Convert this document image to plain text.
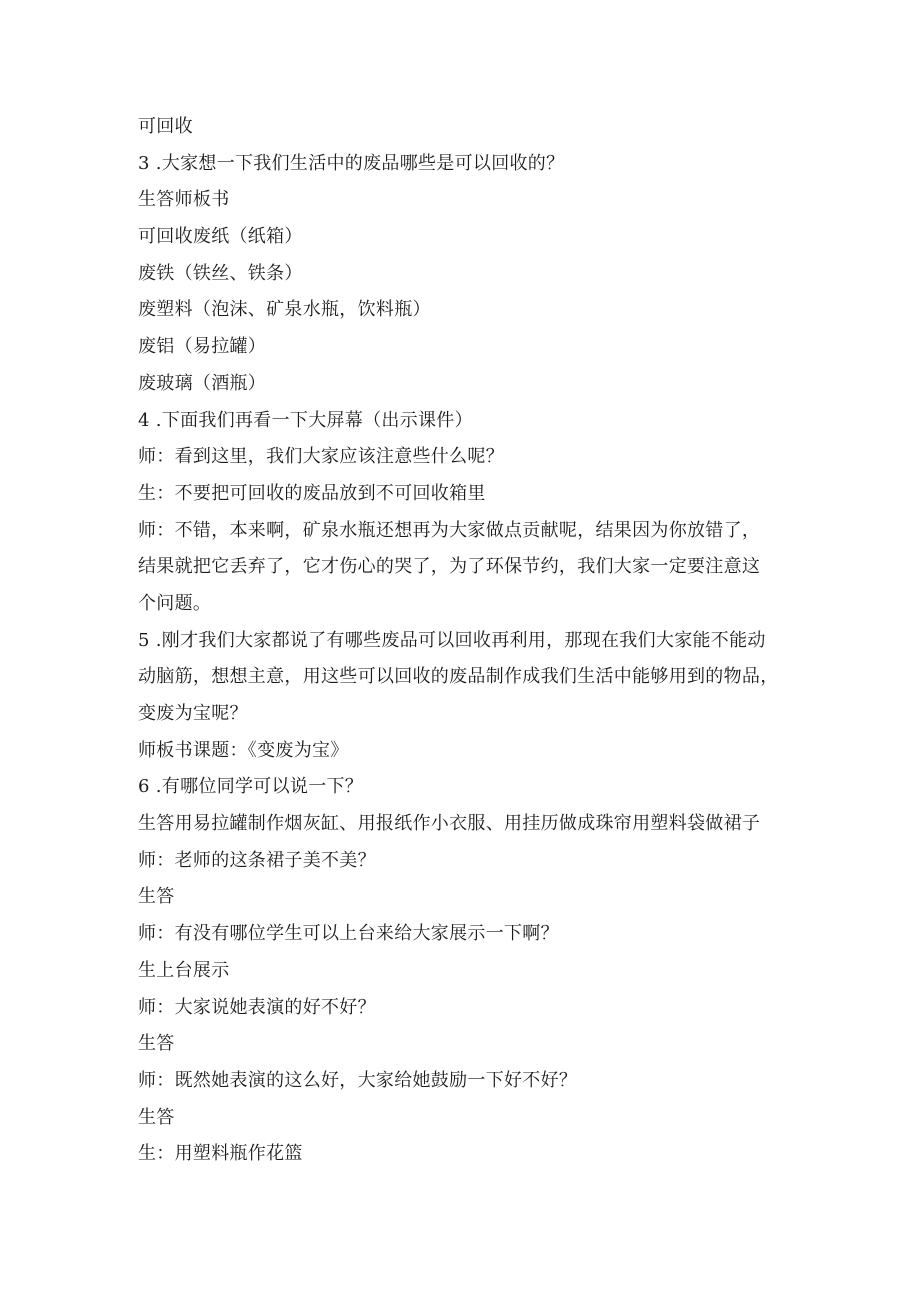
可回收
3 .大家想一下我们生活中的废品哪些是可以回收的？
生答师板书
可回收废纸（纸箱）
废铁（铁丝、铁条）
废塑料（泡沫、矿泉水瓶，饮料瓶）
废铝（易拉罐）
废玻璃（酒瓶）
4 .下面我们再看一下大屏幕（出示课件）
师：看到这里，我们大家应该注意些什么呢？
生：不要把可回收的废品放到不可回收箱里
师：不错，本来啊，矿泉水瓶还想再为大家做点贡献呢，结果因为你放错了，
结果就把它丢弃了，它才伤心的哭了，为了环保节约，我们大家一定要注意这
个问题。
5 .刚才我们大家都说了有哪些废品可以回收再利用，那现在我们大家能不能动
动脑筋，想想主意，用这些可以回收的废品制作成我们生活中能够用到的物品，
变废为宝呢？
师板书课题：《变废为宝》
6 .有哪位同学可以说一下？
生答用易拉罐制作烟灰缸、用报纸作小衣服、用挂历做成珠帘用塑料袋做裙子
师：老师的这条裙子美不美？
生答
师：有没有哪位学生可以上台来给大家展示一下啊？
生上台展示
师：大家说她表演的好不好？
生答
师：既然她表演的这么好，大家给她鼓励一下好不好？
生答
生：用塑料瓶作花篮
